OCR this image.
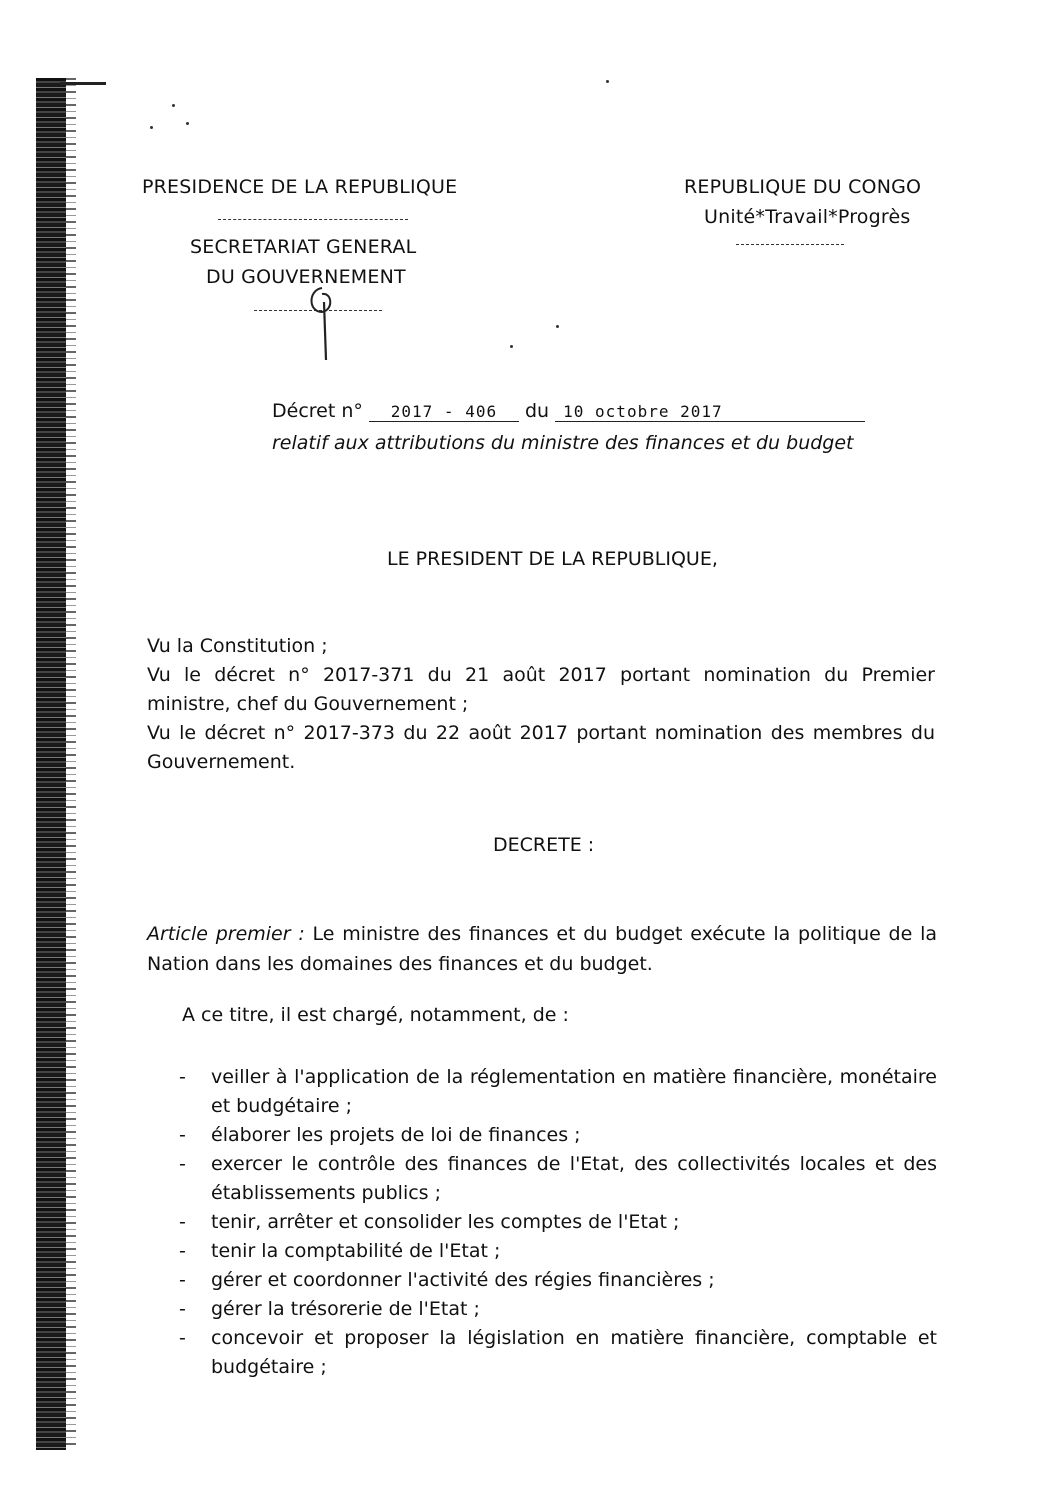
PRESIDENCE DE LA REPUBLIQUE
SECRETARIAT GENERAL
DU GOUVERNEMENT
REPUBLIQUE DU CONGO
Unité*Travail*Progrès
Décret n° 2017 - 406 du 10 octobre 2017
relatif aux attributions du ministre des finances et du budget
LE PRESIDENT DE LA REPUBLIQUE,

Vu la Constitution ;

Vu le décret n° 2017-371 du 21 août 2017 portant nomination du Premier ministre, chef du Gouvernement ;

Vu le décret n° 2017-373 du 22 août 2017 portant nomination des membres du Gouvernement.

DECRETE :
Article premier : Le ministre des finances et du budget exécute la politique de la Nation dans les domaines des finances et du budget.
A ce titre, il est chargé, notamment, de :
- veiller à l'application de la réglementation en matière financière, monétaire et budgétaire ;
- élaborer les projets de loi de finances ;
- exercer le contrôle des finances de l'Etat, des collectivités locales et des établissements publics ;
- tenir, arrêter et consolider les comptes de l'Etat ;
- tenir la comptabilité de l'Etat ;
- gérer et coordonner l'activité des régies financières ;
- gérer la trésorerie de l'Etat ;
- concevoir et proposer la législation en matière financière, comptable et budgétaire ;
